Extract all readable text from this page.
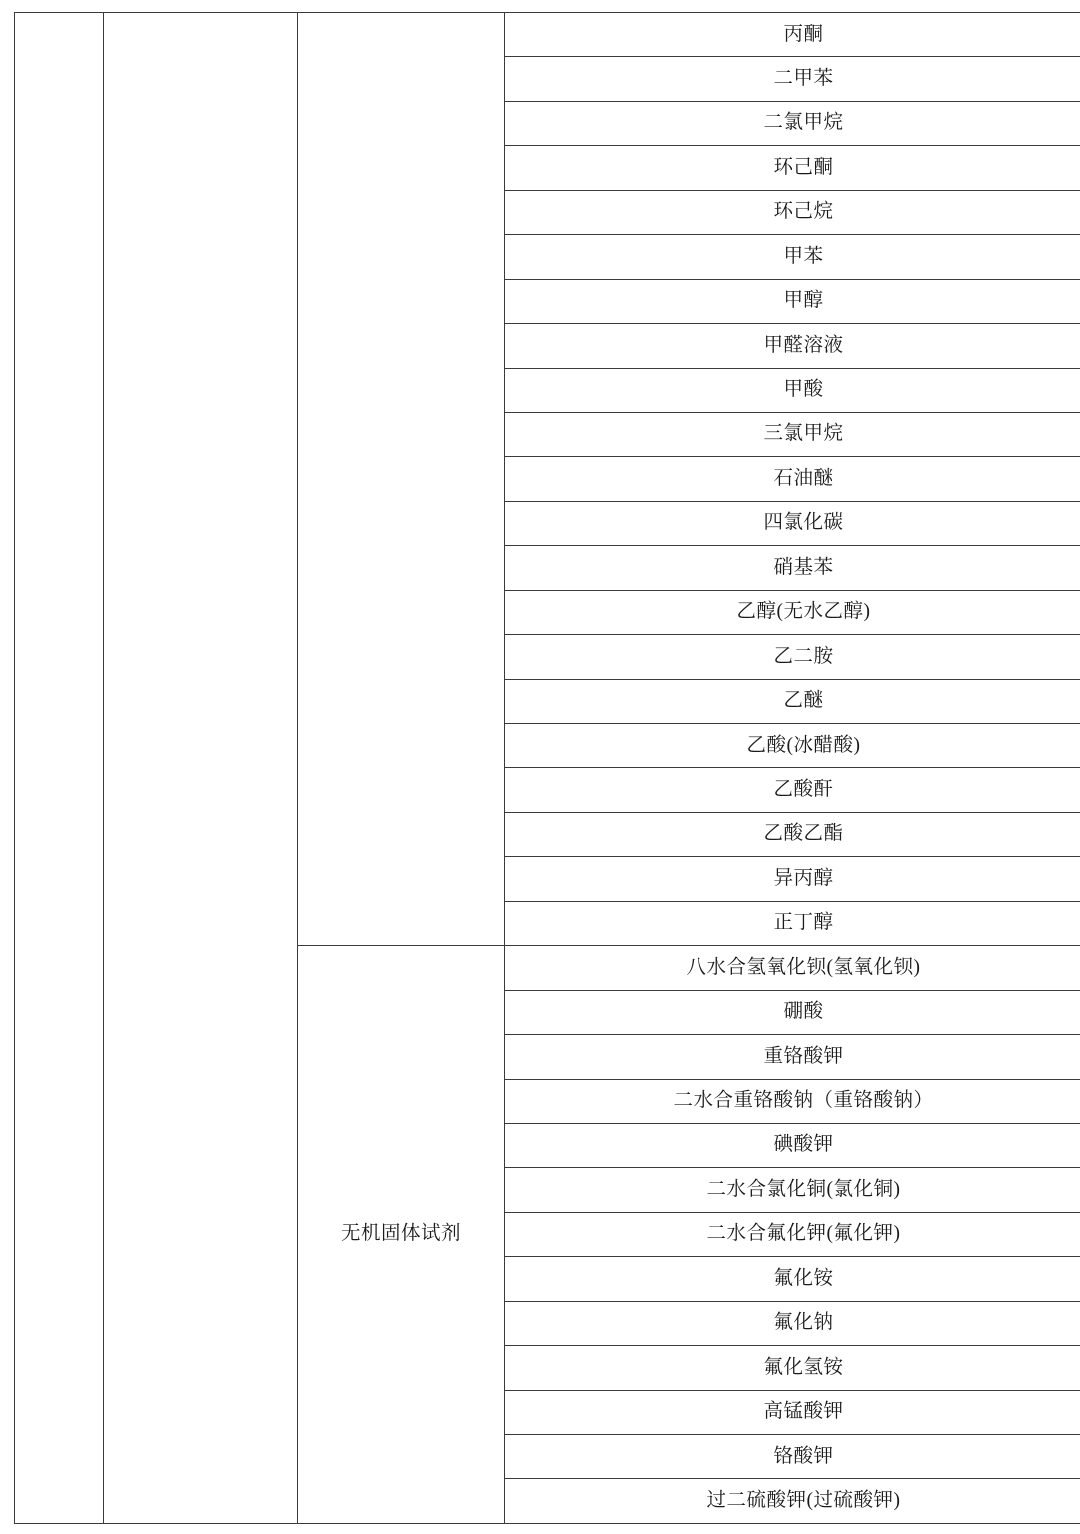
			丙酮
			二甲苯
			二氯甲烷
			环己酮
			环己烷
			甲苯
			甲醇
			甲醛溶液
			甲酸
			三氯甲烷
			石油醚
			四氯化碳
			硝基苯
			乙醇(无水乙醇)
			乙二胺
			乙醚
			乙酸(冰醋酸)
			乙酸酐
			乙酸乙酯
			异丙醇
			正丁醇
		无机固体试剂	八水合氢氧化钡(氢氧化钡)
			硼酸
			重铬酸钾
			二水合重铬酸钠（重铬酸钠）
			碘酸钾
			二水合氯化铜(氯化铜)
			二水合氟化钾(氟化钾)
			氟化铵
			氟化钠
			氟化氢铵
			高锰酸钾
			铬酸钾
			过二硫酸钾(过硫酸钾)
